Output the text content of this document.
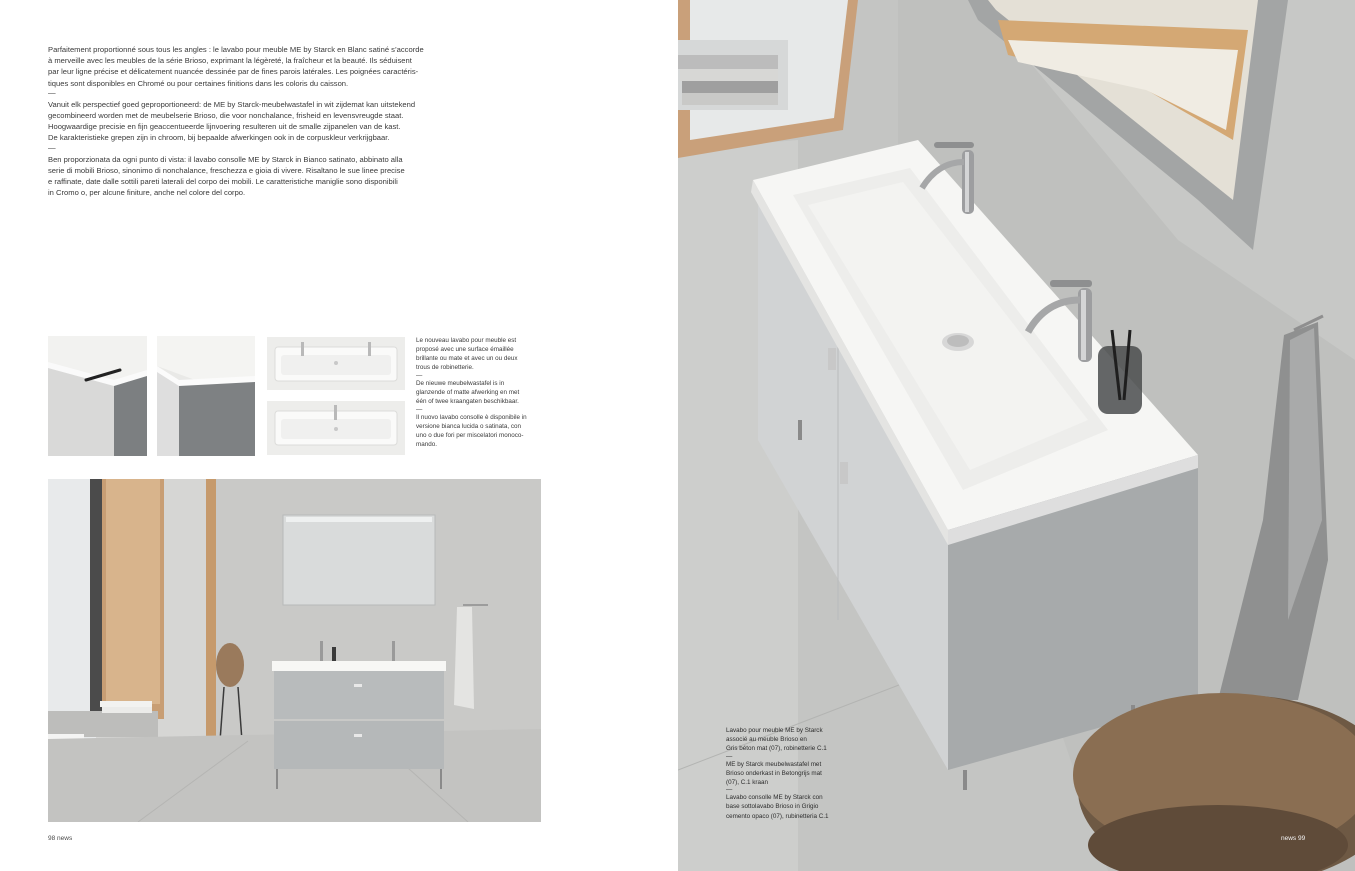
Parfaitement proportionné sous tous les angles : le lavabo pour meuble ME by Starck en Blanc satiné s’accorde
à merveille avec les meubles de la série Brioso, exprimant la légèreté, la fraîcheur et la beauté. Ils séduisent
par leur ligne précise et délicatement nuancée dessinée par de fines parois latérales. Les poignées caractéris-
tiques sont disponibles en Chromé ou pour certaines finitions dans les coloris du caisson.

—

Vanuit elk perspectief goed geproportioneerd: de ME by Starck-meubelwastafel in wit zijdemat kan uitstekend
gecombineerd worden met de meubelserie Brioso, die voor nonchalance, frisheid en levensvreugde staat.
Hoogwaardige precisie en fijn geaccentueerde lijnvoering resulteren uit de smalle zijpanelen van de kast.
De karakteristieke grepen zijn in chroom, bij bepaalde afwerkingen ook in de corpuskleur verkrijgbaar.

—

Ben proporzionata da ogni punto di vista: il lavabo consolle ME by Starck in Bianco satinato, abbinato alla
serie di mobili Brioso, sinonimo di nonchalance, freschezza e gioia di vivere. Risaltano le sue linee precise
e raffinate, date dalle sottili pareti laterali del corpo dei mobili. Le caratteristiche maniglie sono disponibili
in Cromo o, per alcune finiture, anche nel colore del corpo.

Le nouveau lavabo pour meuble est
proposé avec une surface émaillée
brillante ou mate et avec un ou deux
trous de robinetterie.

—

De nieuwe meubelwastafel is in
glanzende of matte afwerking en met
één of twee kraangaten beschikbaar.

—

Il nuovo lavabo consolle è disponibile in
versione bianca lucida o satinata, con
uno o due fori per miscelatori monoco-
mando.

98 news

Lavabo pour meuble ME by Starck
associé au meuble Brioso en
Gris béton mat (07), robinetterie C.1

—

ME by Starck meubelwastafel met
Brioso onderkast in Betongrijs mat
(07), C.1 kraan

—

Lavabo consolle ME by Starck con
base sottolavabo Brioso in Grigio
cemento opaco (07), rubinetteria C.1

news 99
